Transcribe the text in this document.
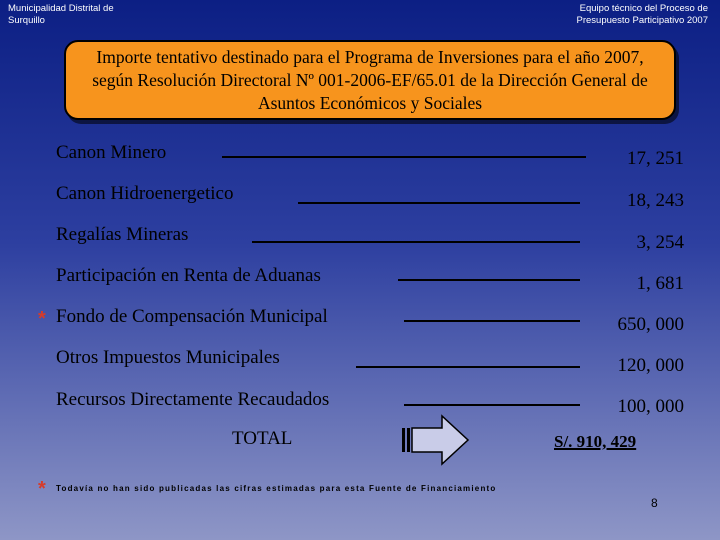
Municipalidad Distrital de Surquillo
Equipo técnico del Proceso de Presupuesto Participativo 2007
Importe tentativo destinado para el Programa de Inversiones para el año 2007, según Resolución Directoral Nº 001-2006-EF/65.01 de la Dirección General de Asuntos Económicos y Sociales
Canon Minero	17, 251
Canon Hidroenergetico	18, 243
Regalías Mineras	3, 254
Participación en Renta de Aduanas	1, 681
* Fondo de Compensación Municipal	650, 000
Otros Impuestos Municipales	120, 000
Recursos Directamente Recaudados	100, 000
TOTAL	S/. 910, 429
* Todavía no han sido publicadas las cifras estimadas para esta Fuente de Financiamiento
8
